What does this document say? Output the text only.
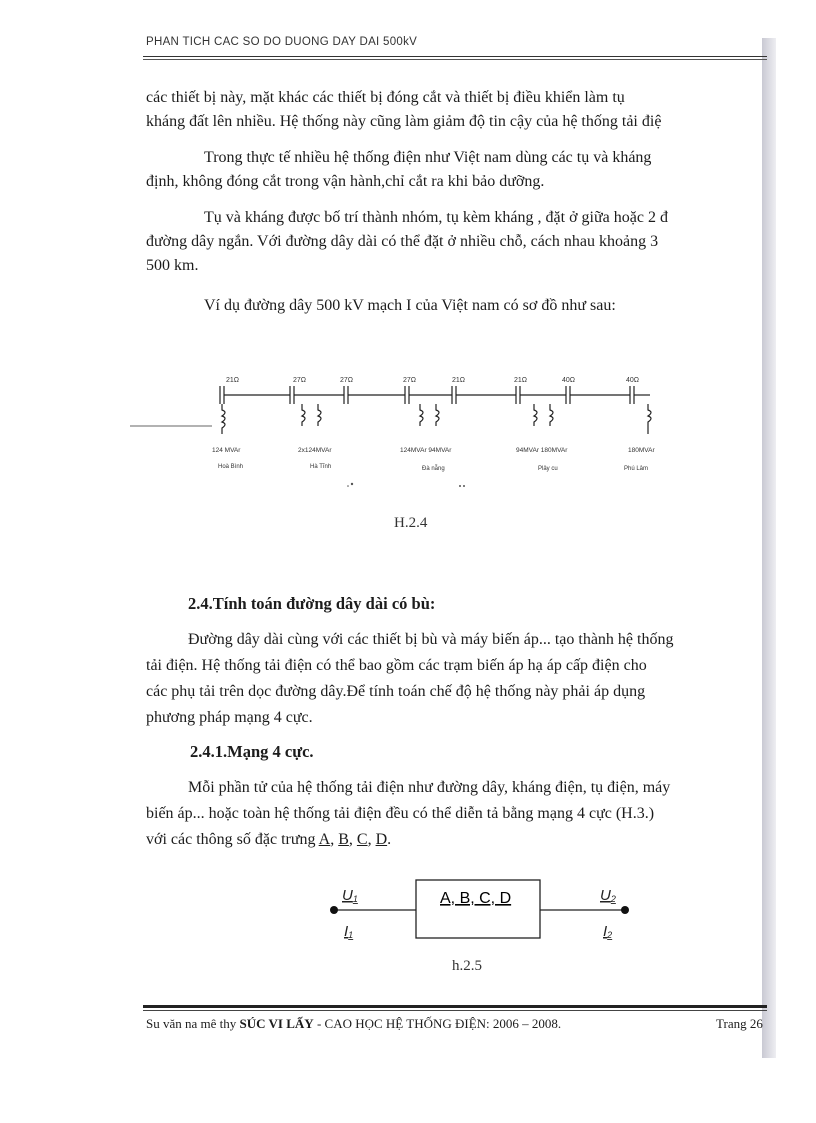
PHAN TICH CAC SO DO DUONG DAY DAI 500kV
các thiết bị này, mặt khác các thiết bị đóng cắt và thiết bị điều khiển làm tụ
kháng đất lên nhiều. Hệ thống này cũng làm giảm độ tin cậy của hệ thống tải điệ
Trong thực tế nhiều hệ thống điện như Việt nam dùng các tụ và kháng
định, không đóng cắt trong vận hành,chỉ cắt ra khi bảo dưỡng.
Tụ và kháng được bố trí thành nhóm, tụ kèm kháng , đặt ở giữa hoặc 2 đ
đường dây ngắn. Với đường dây dài có thể đặt ở nhiều chỗ, cách nhau khoảng 3
500 km.
Ví dụ đường dây 500 kV mạch I của Việt nam có sơ đồ như sau:
21Ω	27Ω	27Ω	27Ω	21Ω	21Ω	40Ω	40Ω
124 MVAr	2x124MVAr	124MVAr 94MVAr	94MVAr 180MVAr	180MVAr
Hoà Bình	Hà Tĩnh	Đà nẵng	Plây cu	Phú Lâm
H.2.4
2.4.Tính toán đường dây dài có bù:
Đường dây dài cùng với các thiết bị bù và máy biến áp... tạo thành hệ thống
tải điện. Hệ thống tải điện có thể bao gồm các trạm biến áp hạ áp cấp điện cho
các phụ tải trên dọc đường dây.Để tính toán chế độ hệ thống này phải áp dụng
phương pháp mạng 4 cực.
2.4.1.Mạng 4 cực.
Mỗi phần tử của hệ thống tải điện như đường dây, kháng điện, tụ điện, máy
biến áp... hoặc toàn hệ thống tải điện đều có thể diễn tả bằng mạng 4 cực (H.3.)
với các thông số đặc trưng A, B, C, D.
A, B, C, D
U1
I1
U2
I2
h.2.5
Su văn na mê thy SÚC VI LẤY - CAO HỌC HỆ THỐNG ĐIỆN: 2006 – 2008.	Trang 26
